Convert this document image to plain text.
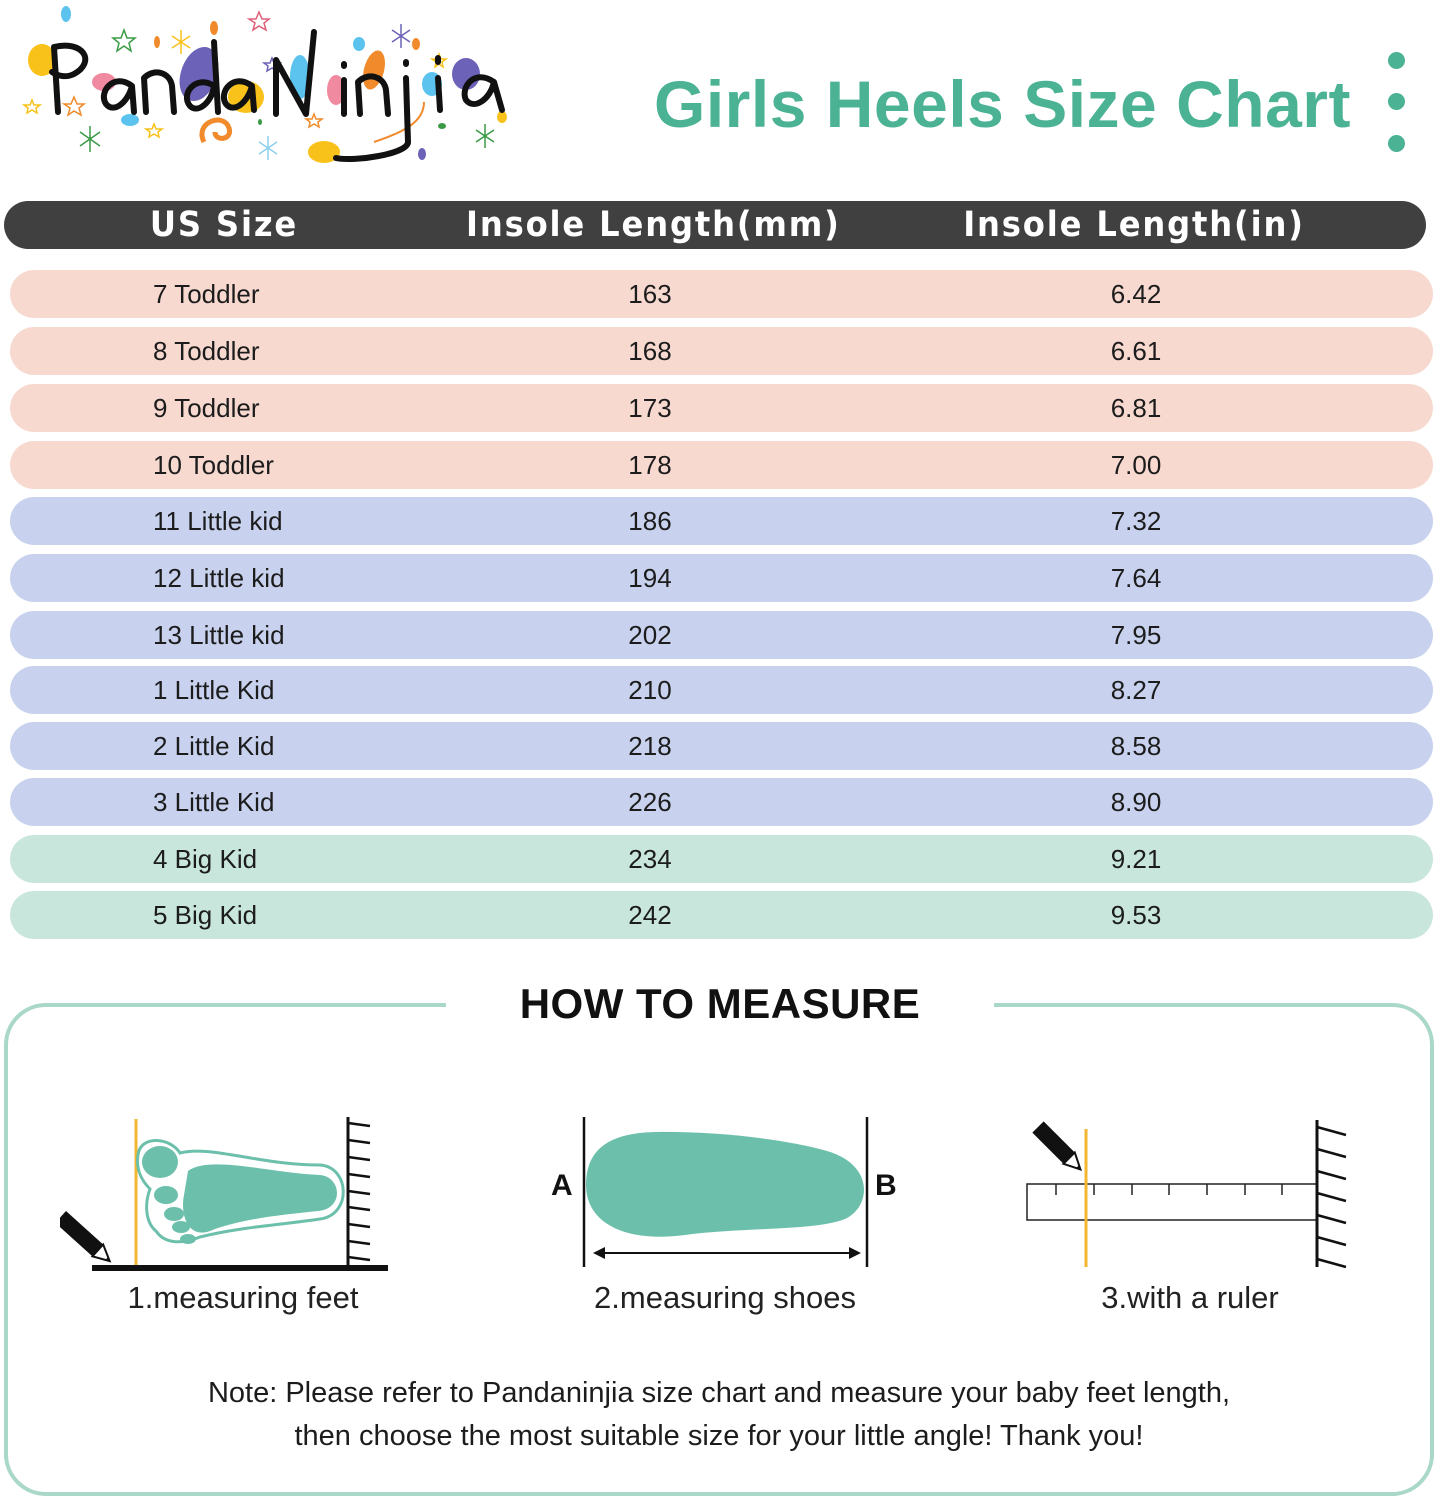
Girls Heels Size Chart
US Size	Insole Length(mm)	Insole Length(in)
7 Toddler	163	6.42
8 Toddler	168	6.61
9 Toddler	173	6.81
10 Toddler	178	7.00
11 Little kid	186	7.32
12 Little kid	194	7.64
13 Little kid	202	7.95
1 Little Kid	210	8.27
2 Little Kid	218	8.58
3 Little Kid	226	8.90
4 Big Kid	234	9.21
5 Big Kid	242	9.53
HOW TO MEASURE
1.measuring feet
A	B
2.measuring shoes	3.with a ruler
Note: Please refer to Pandaninjia size chart and measure your baby feet length,
then choose the most suitable size for your little angle! Thank you!
